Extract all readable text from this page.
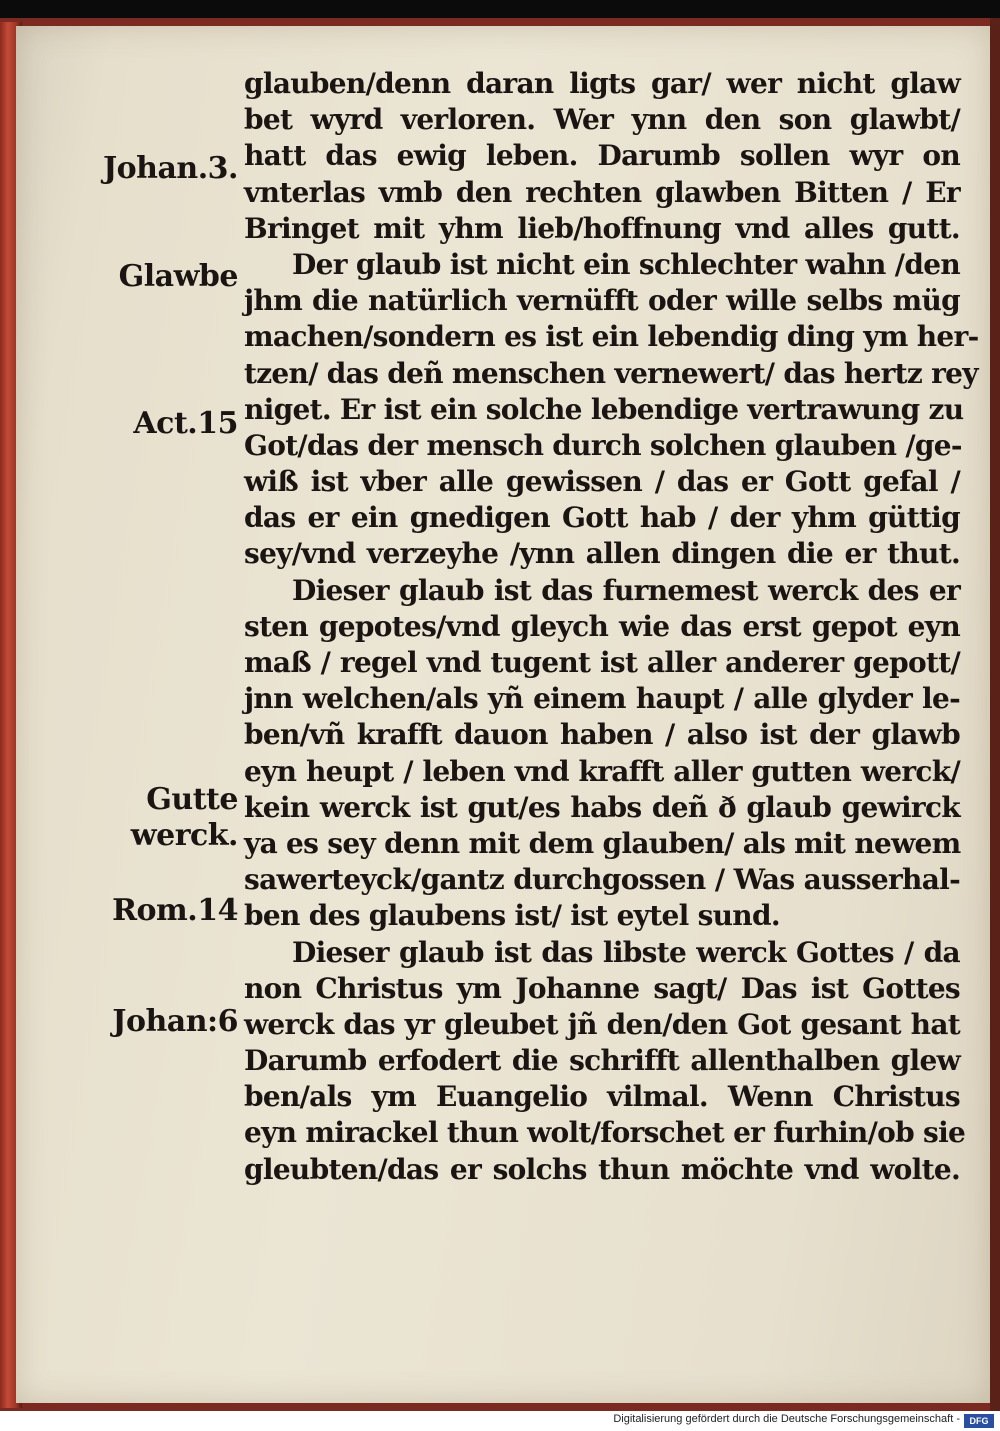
Johan.3.
Glawbe
Act.15
Gutte
werck.
Rom.14
Johan:6
glauben/denn daran ligts gar/ wer nicht glaw
bet wyrd verloren. Wer ynn den son glawbt/
hatt das ewig leben. Darumb sollen wyr on
vnterlas vmb den rechten glawben Bitten / Er
Bringet mit yhm lieb/hoffnung vnd alles gutt.
Der glaub ist nicht ein schlechter wahn /den
jhm die natürlich vernüfft oder wille selbs müg
machen/sondern es ist ein lebendig ding ym her-
tzen/ das deñ menschen vernewert/ das hertz rey
niget. Er ist ein solche lebendige vertrawung zu
Got/das der mensch durch solchen glauben /ge-
wiß ist vber alle gewissen / das er Gott gefal /
das er ein gnedigen Gott hab / der yhm güttig
sey/vnd verzeyhe /ynn allen dingen die er thut.
Dieser glaub ist das furnemest werck des er
sten gepotes/vnd gleych wie das erst gepot eyn
maß / regel vnd tugent ist aller anderer gepott/
jnn welchen/als yñ einem haupt / alle glyder le-
ben/vñ krafft dauon haben / also ist der glawb
eyn heupt / leben vnd krafft aller gutten werck/
kein werck ist gut/es habs deñ ð glaub gewirck
ya es sey denn mit dem glauben/ als mit newem
sawerteyck/gantz durchgossen / Was ausserhal-
ben des glaubens ist/ ist eytel sund.
Dieser glaub ist das libste werck Gottes / da
non Christus ym Johanne sagt/ Das ist Gottes
werck das yr gleubet jñ den/den Got gesant hat
Darumb erfodert die schrifft allenthalben glew
ben/als ym Euangelio vilmal. Wenn Christus
eyn mirackel thun wolt/forschet er furhin/ob sie
gleubten/das er solchs thun möchte vnd wolte.
Digitalisierung gefördert durch die Deutsche Forschungsgemeinschaft -	DFG
